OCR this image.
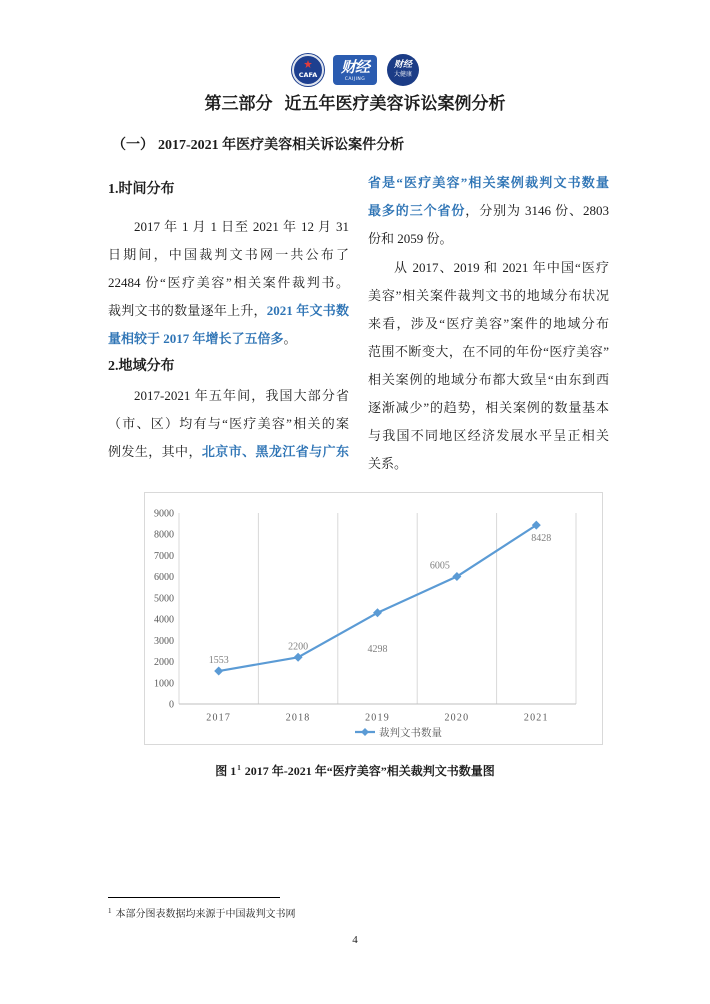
CAFA	财经
CAIJING
财经
大健康
第三部分 近五年医疗美容诉讼案例分析
（一） 2017-2021 年医疗美容相关诉讼案件分析
1.时间分布
2017 年 1 月 1 日至 2021 年 12 月 31
日期间，中国裁判文书网一共公布了
22484 份“医疗美容”相关案件裁判书。
裁判文书的数量逐年上升，2021 年文书数
量相较于 2017 年增长了五倍多。
2.地域分布
2017-2021 年五年间，我国大部分省
（市、区）均有与“医疗美容”相关的案
例发生，其中，北京市、黑龙江省与广东
省是“医疗美容”相关案例裁判文书数量
最多的三个省份，分别为 3146 份、2803
份和 2059 份。
从 2017、2019 和 2021 年中国“医疗
美容”相关案件裁判文书的地域分布状况
来看，涉及“医疗美容”案件的地域分布
范围不断变大，在不同的年份“医疗美容”
相关案例的地域分布都大致呈“由东到西
逐渐减少”的趋势，相关案例的数量基本
与我国不同地区经济发展水平呈正相关
关系。
0
1000
2000
3000
4000
5000
6000
7000
8000
9000
2017	2018	2019	2020	2021
1553
2200	4298
6005
8428
裁判文书数量
图 $1^1$ 2017 年-2021 年“医疗美容”相关裁判文书数量图
$^1$ 本部分图表数据均来源于中国裁判文书网
4
